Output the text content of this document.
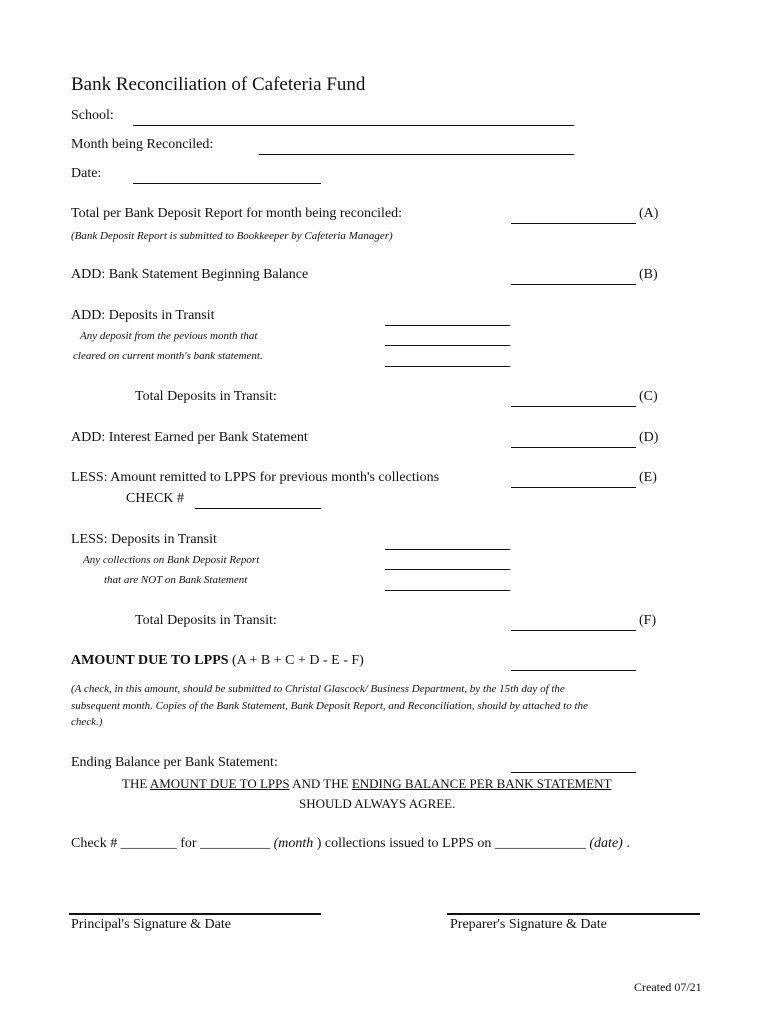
Bank Reconciliation of Cafeteria Fund
School:
Month being Reconciled:
Date:
Total per Bank Deposit Report for month being reconciled:	(A)
(Bank Deposit Report is submitted to Bookkeeper by Cafeteria Manager)
ADD: Bank Statement Beginning Balance	(B)
ADD: Deposits in Transit
Any deposit from the pevious month that
cleared on current month's bank statement.
Total Deposits in Transit:	(C)
ADD: Interest Earned per Bank Statement	(D)
LESS: Amount remitted to LPPS for previous month's collections	(E)
CHECK #
LESS: Deposits in Transit
Any collections on Bank Deposit Report
that are NOT on Bank Statement
Total Deposits in Transit:	(F)
AMOUNT DUE TO LPPS (A + B + C + D - E - F)
(A check, in this amount, should be submitted to Christal Glascock/ Business Department, by the 15th day of the
subsequent month. Copies of the Bank Statement, Bank Deposit Report, and Reconciliation, should by attached to the
check.)
Ending Balance per Bank Statement:
THE AMOUNT DUE TO LPPS AND THE ENDING BALANCE PER BANK STATEMENT
SHOULD ALWAYS AGREE.
Check # ________ for __________ (month ) collections issued to LPPS on _____________ (date) .
Principal's Signature & Date	Preparer's Signature & Date
Created 07/21
